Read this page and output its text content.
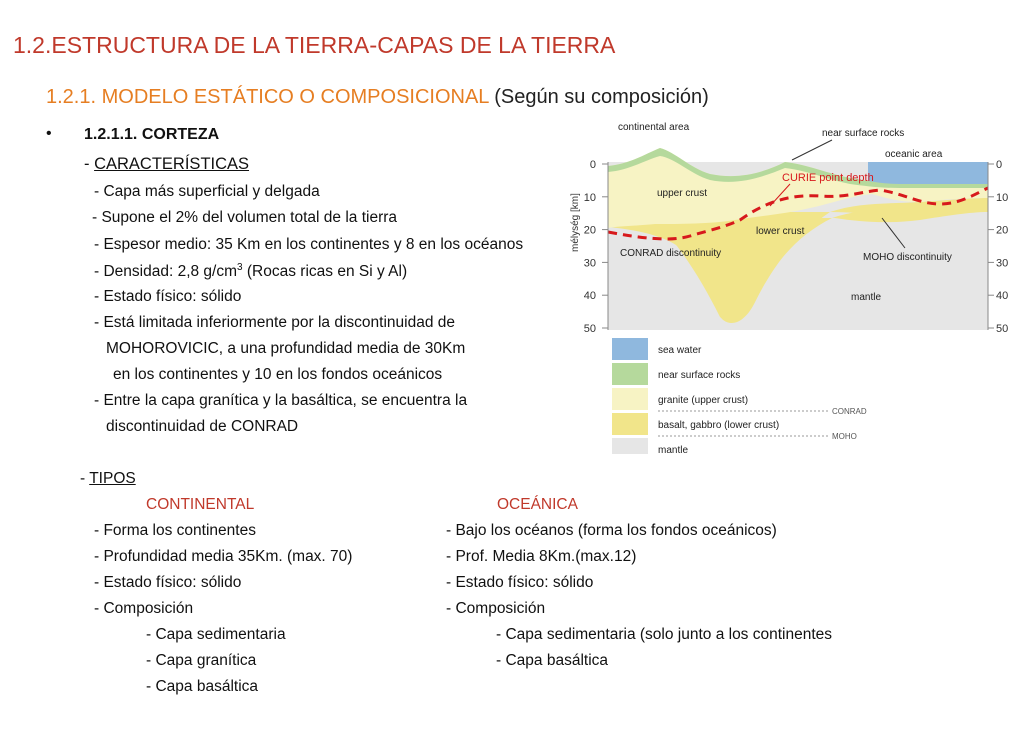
1.2.ESTRUCTURA DE LA TIERRA-CAPAS DE LA TIERRA
1.2.1. MODELO ESTÁTICO O COMPOSICIONAL (Según su composición)
• 1.2.1.1. CORTEZA
- CARACTERÍSTICAS
- Capa más superficial y delgada
- Supone el 2% del volumen total de la tierra
- Espesor medio: 35 Km en los continentes y 8 en los océanos
- Densidad: 2,8 $g/cm^3$ (Rocas ricas en Si y Al)
- Estado físico: sólido
- Está limitada inferiormente por la discontinuidad de
MOHOROVICIC, a una profundidad media de 30Km
en los continentes y 10 en los fondos oceánicos
- Entre la capa granítica y la basáltica, se encuentra la
discontinuidad de CONRAD
- TIPOS
CONTINENTAL	OCEÁNICA
- Forma los continentes
- Profundidad media 35Km. (max. 70)
- Estado físico: sólido
- Composición
- Capa sedimentaria
- Capa granítica
- Capa basáltica
- Bajo los océanos (forma los fondos oceánicos)
- Prof. Media 8Km.(max.12)
- Estado físico: sólido
- Composición
- Capa sedimentaria (solo junto a los continentes
- Capa basáltica
0	0
10	10
20	20
30	30
40	40
50	50
mélység [km]
continental area
near surface rocks
oceanic area
CURIE point depth
upper crust
lower crust
CONRAD discontinuity	MOHO discontinuity
mantle
sea water
near surface rocks
granite (upper crust)
basalt, gabbro (lower crust)
mantle
CONRAD
MOHO
